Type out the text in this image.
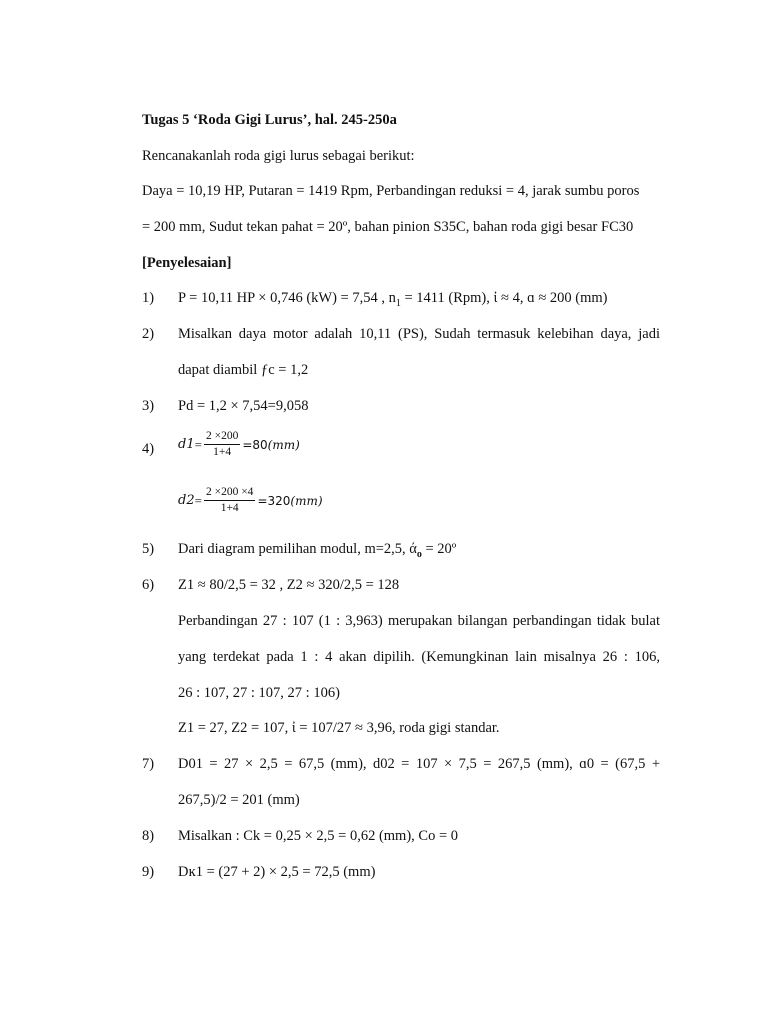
Tugas 5 ‘Roda Gigi Lurus’, hal. 245-250a
Rencanakanlah roda gigi lurus sebagai berikut:
Daya = 10,19 HP, Putaran = 1419 Rpm, Perbandingan reduksi = 4, jarak sumbu poros
= 200 mm, Sudut tekan pahat = 20º, bahan pinion S35C, bahan roda gigi besar FC30
[Penyelesaian]
1) P = 10,11 HP × 0,746 (kW) = 7,54 , $n_1 = 1411$ (Rpm), ἰ ≈ 4, ɑ ≈ 200 (mm)
2) Misalkan daya motor adalah 10,11 (PS), Sudah termasuk kelebihan daya, jadi
dapat diambil ƒc = 1,2
3) Pd = 1,2 × 7,54=9,058
4) d $1 = \frac{2 \times 200}{1+4} =80$ (mm)
d $2 = \frac{2 \times 200 \times 4}{1+4} =320$ (mm)
5) Dari diagram pemilihan modul, m=2,5, $ά_o$ = 20º
6) Z1 ≈ 80/2,5 = 32 , Z2 ≈ 320/2,5 = 128
Perbandingan 27 : 107 (1 : 3,963) merupakan bilangan perbandingan tidak bulat
yang terdekat pada 1 : 4 akan dipilih. (Kemungkinan lain misalnya 26 : 106,
26 : 107, 27 : 107, 27 : 106)
Z1 = 27, Z2 = 107, ἰ = 107/27 ≈ 3,96, roda gigi standar.
7) D01 = 27 × 2,5 = 67,5 (mm), d02 = 107 × 7,5 = 267,5 (mm), ɑ0 = (67,5 +
267,5)/2 = 201 (mm)
8) Misalkan : Ck = 0,25 × 2,5 = 0,62 (mm), Co = 0
9) Dĸ1 = (27 + 2) × 2,5 = 72,5 (mm)
